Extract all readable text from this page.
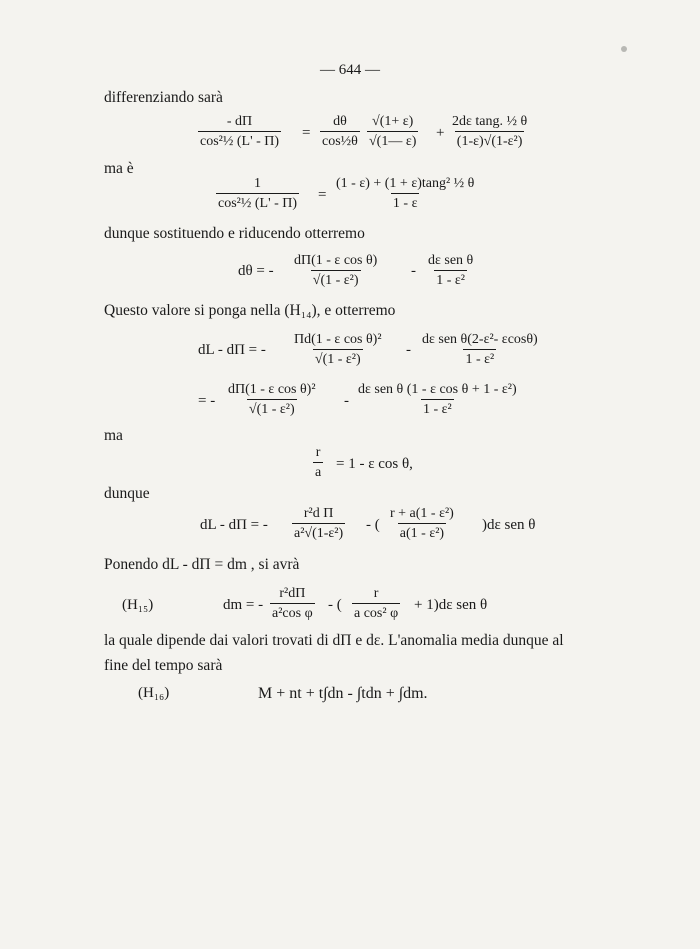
— 644 —
differenziando sarà
$\frac{- d\Pi}{\text{cos²½ (L' - Π)}} = \frac{d\theta}{\text{cos½θ}} \frac{√(1+ \varepsilon)}{√(1— \varepsilon)} + \frac{\text{2dε tang. ½ θ}}{\text{(1-ε)√(1-ε²)}}$
ma è
$\frac{1}{\text{cos²½ (L' - Π)}} = \frac{\text{(1 - ε) + (1 + ε)tang² ½ θ}}{1 - \varepsilon}$
dunque sostituendo e riducendo otterremo
dθ = - $\frac{\text{dΠ(1 - ε cos θ)}}{\text{√(1 - ε²)}}$ -
dε sen θ
1 - ε²
Questo valore si ponga nella (H₁₄), e otterremo
dL - dΠ = - $\frac{\text{Πd(1 - ε cos θ)²}}{\text{√(1 - ε²)}}$ -
dε sen θ(2-ε²- εcosθ)
1 - ε²
= - $\frac{\text{dΠ(1 - ε cos θ)²}}{\text{√(1 - ε²)}}$ -
dε sen θ (1 - ε cos θ + 1 - ε²)
1 - ε²
ma
$\frac{r}{a} = 1 - \varepsilon$ cos θ,
dunque
dL - dΠ = - $\frac{\text{r²d Π}}{\text{a²√(1-ε²)}}$ - ( $\frac{\text{r + a(1 - ε²)}}{\text{a(1 - ε²)}} )d\varepsilon$ sen θ
Ponendo dL - dΠ = dm , si avrà
(H₁₅)	dm = - $\frac{\text{r²dΠ}}{\text{a²cos φ}}$ - ( $\frac{r}{\text{a cos² φ}} + 1)d\varepsilon$ sen θ
la quale dipende dai valori trovati di dΠ e dε. L'anomalia media dunque al
fine del tempo sarà
(H₁₆)	M + nt + t∫dn - ∫tdn + ∫dm.
